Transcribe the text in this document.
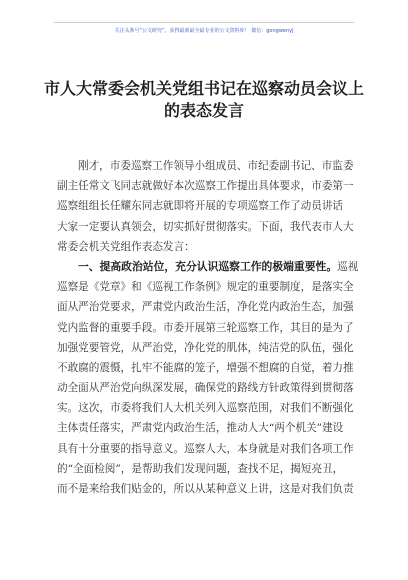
关注头条号“公文研究”，获得最新最全最专业的公文资料库！ 微信：gongwenyj
市人大常委会机关党组书记在巡察动员会议上
的表态发言
刚才，市委巡察工作领导小组成员、市纪委副书记、市监委
副主任常文飞同志就做好本次巡察工作提出具体要求，市委第一
巡察组组长任耀东同志就即将开展的专项巡察工作了动员讲话
大家一定要认真领会，切实抓好贯彻落实。下面，我代表市人大
常委会机关党组作表态发言：
一、提高政治站位，充分认识巡察工作的极端重要性。巡视
巡察是《党章》和《巡视工作条例》规定的重要制度，是落实全
面从严治党要求，严肃党内政治生活，净化党内政治生态，加强
党内监督的重要手段。市委开展第三轮巡察工作，其目的是为了
加强党要管党，从严治党，净化党的肌体，纯洁党的队伍，强化
不敢腐的震慑，扎牢不能腐的笼子，增强不想腐的自觉，着力推
动全面从严治党向纵深发展，确保党的路线方针政策得到贯彻落
实。这次，市委将我们人大机关列入巡察范围，对我们不断强化
主体责任落实，严肃党内政治生活，推动人大“两个机关”建设
具有十分重要的指导意义。巡察人大，本身就是对我们各项工作
的“全面检阅”，是帮助我们发现问题，查找不足，揭短亮丑，
而不是来给我们贴金的，所以从某种意义上讲，这是对我们负责
